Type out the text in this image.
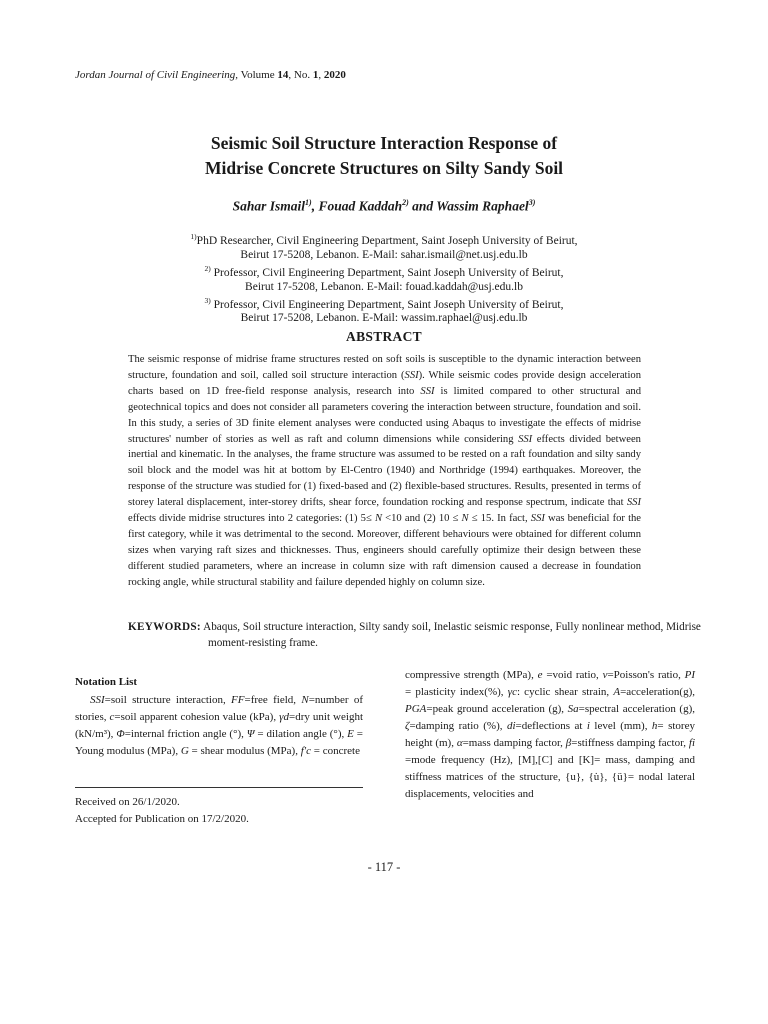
Jordan Journal of Civil Engineering, Volume 14, No. 1, 2020
Seismic Soil Structure Interaction Response of
Midrise Concrete Structures on Silty Sandy Soil
Sahar Ismail$^{1)}$, Fouad Kaddah$^{2)}$ and Wassim Raphael$^{3)}$
$^{1)}$PhD Researcher, Civil Engineering Department, Saint Joseph University of Beirut,
Beirut 17-5208, Lebanon. E-Mail: sahar.ismail@net.usj.edu.lb
$^{2)}$ Professor, Civil Engineering Department, Saint Joseph University of Beirut,
Beirut 17-5208, Lebanon. E-Mail: fouad.kaddah@usj.edu.lb
$^{3)}$ Professor, Civil Engineering Department, Saint Joseph University of Beirut,
Beirut 17-5208, Lebanon. E-Mail: wassim.raphael@usj.edu.lb
ABSTRACT
The seismic response of midrise frame structures rested on soft soils is susceptible to the dynamic interaction between structure, foundation and soil, called soil structure interaction (SSI). While seismic codes provide design acceleration charts based on 1D free-field response analysis, research into SSI is limited compared to other structural and geotechnical topics and does not consider all parameters covering the interaction between structure, foundation and soil. In this study, a series of 3D finite element analyses were conducted using Abaqus to investigate the effects of midrise structures' number of stories as well as raft and column dimensions while considering SSI effects divided between inertial and kinematic. In the analyses, the frame structure was assumed to be rested on a raft foundation and silty sandy soil block and the model was hit at bottom by El-Centro (1940) and Northridge (1994) earthquakes. Moreover, the response of the structure was studied for (1) fixed-based and (2) flexible-based structures. Results, presented in terms of storey lateral displacement, inter-storey drifts, shear force, foundation rocking and response spectrum, indicate that SSI effects divide midrise structures into 2 categories: (1) 5≤ N <10 and (2) 10 ≤ N ≤ 15. In fact, SSI was beneficial for the first category, while it was detrimental to the second. Moreover, different behaviours were obtained for different column sizes when varying raft sizes and thicknesses. Thus, engineers should carefully optimize their design between these different studied parameters, where an increase in column size with raft dimension caused a decrease in foundation rocking angle, while structural stability and failure depended highly on column size.
KEYWORDS: Abaqus, Soil structure interaction, Silty sandy soil, Inelastic seismic response, Fully nonlinear method, Midrise moment-resisting frame.
Notation List

SSI=soil structure interaction, FF=free field, N=number of stories, c=soil apparent cohesion value (kPa), γd=dry unit weight (kN/m³), Φ=internal friction angle (°), Ψ = dilation angle (°), E = Young modulus (MPa), G = shear modulus (MPa), f'c = concrete

compressive strength (MPa), e =void ratio, ν=Poisson's ratio, PI = plasticity index(%), γc: cyclic shear strain, A=acceleration(g), PGA=peak ground acceleration (g), Sa=spectral acceleration (g), ζ=damping ratio (%), di=deflections at i level (mm), h= storey height (m), α=mass damping factor, β=stiffness damping factor, fi =mode frequency (Hz), [M],[C] and [K]= mass, damping and stiffness matrices of the structure, {u}, {u̇}, {ü}= nodal lateral displacements, velocities and

Received on 26/1/2020.
Accepted for Publication on 17/2/2020.
- 117 -
